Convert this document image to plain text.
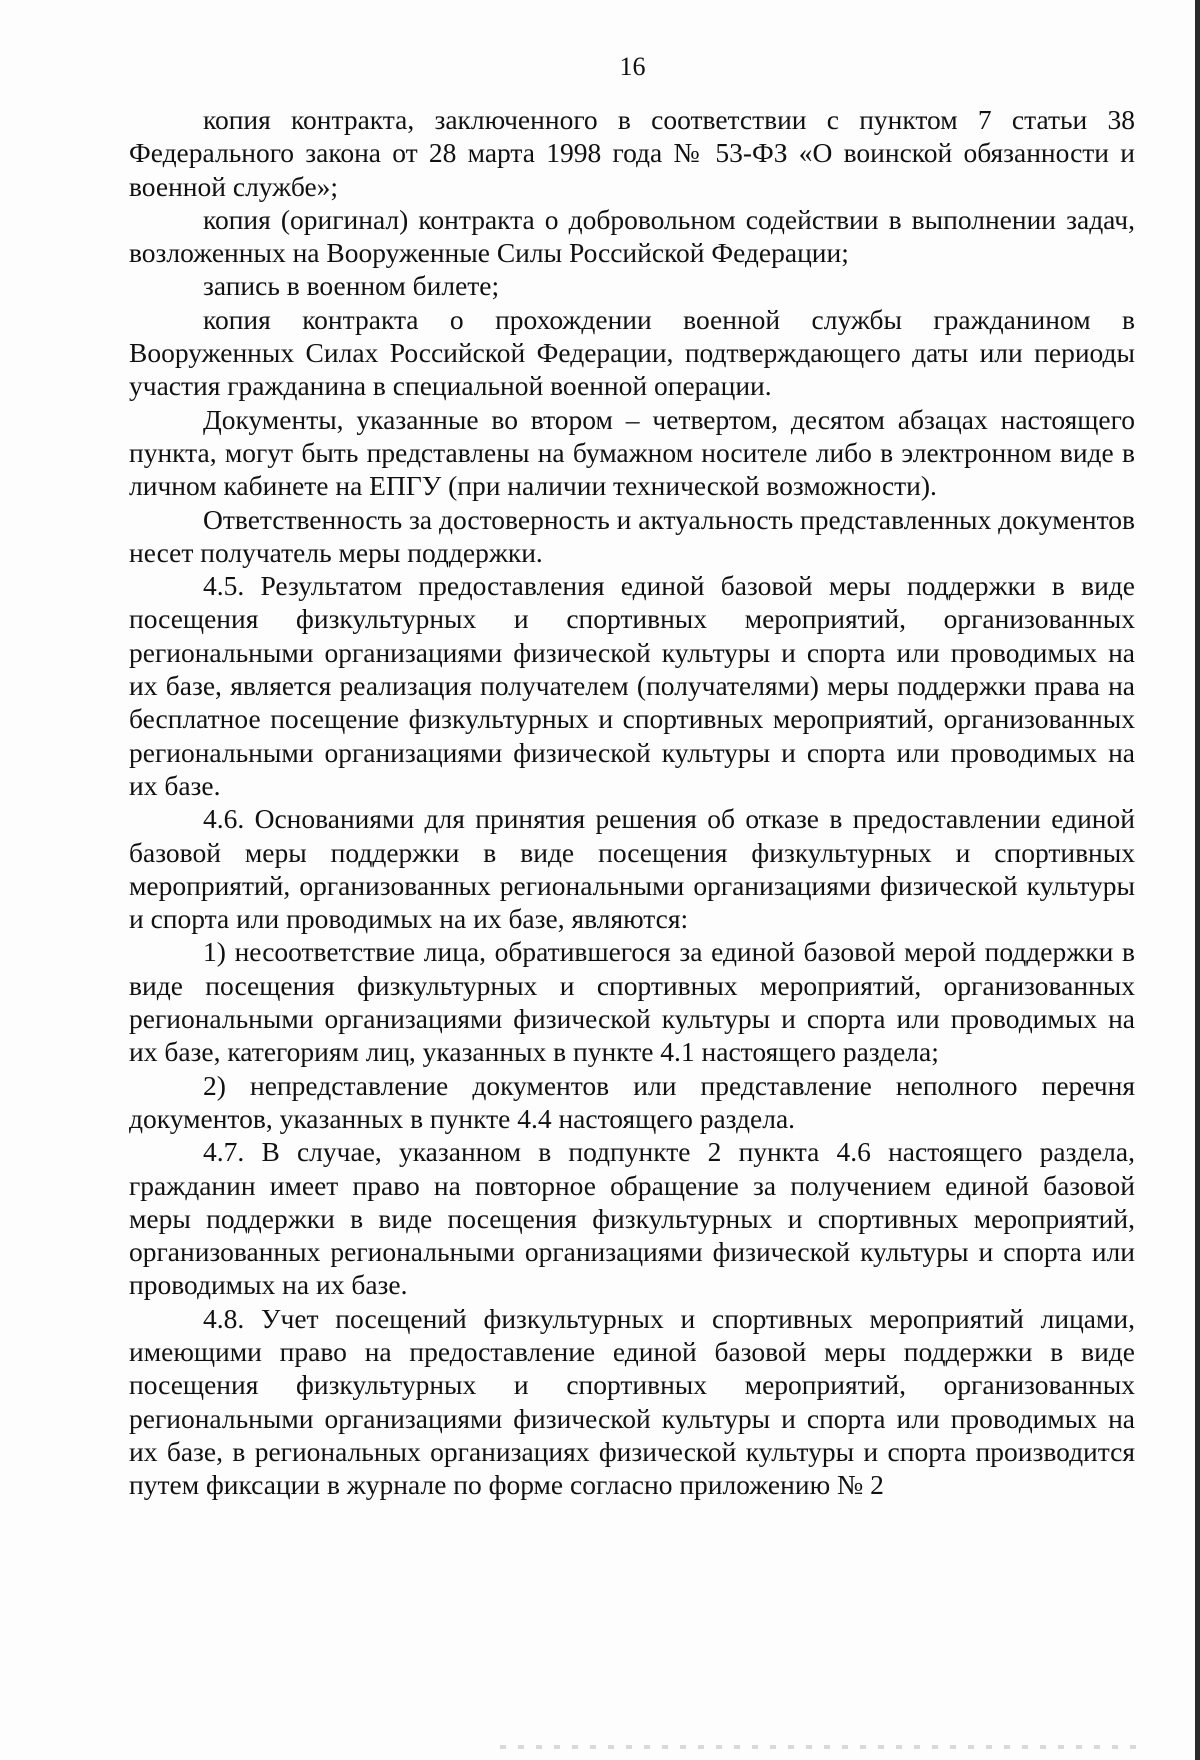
16

копия контракта, заключенного в соответствии с пунктом 7 статьи 38 Федерального закона от 28 марта 1998 года № 53-ФЗ «О воинской обязанности и военной службе»;

копия (оригинал) контракта о добровольном содействии в выполнении задач, возложенных на Вооруженные Силы Российской Федерации;

запись в военном билете;

копия контракта о прохождении военной службы гражданином в Вооруженных Силах Российской Федерации, подтверждающего даты или периоды участия гражданина в специальной военной операции.

Документы, указанные во втором – четвертом, десятом абзацах настоящего пункта, могут быть представлены на бумажном носителе либо в электронном виде в личном кабинете на ЕПГУ (при наличии технической возможности).

Ответственность за достоверность и актуальность представленных документов несет получатель меры поддержки.

4.5. Результатом предоставления единой базовой меры поддержки в виде посещения физкультурных и спортивных мероприятий, организованных региональными организациями физической культуры и спорта или проводимых на их базе, является реализация получателем (получателями) меры поддержки права на бесплатное посещение физкультурных и спортивных мероприятий, организованных региональными организациями физической культуры и спорта или проводимых на их базе.

4.6. Основаниями для принятия решения об отказе в предоставлении единой базовой меры поддержки в виде посещения физкультурных и спортивных мероприятий, организованных региональными организациями физической культуры и спорта или проводимых на их базе, являются:

1) несоответствие лица, обратившегося за единой базовой мерой поддержки в виде посещения физкультурных и спортивных мероприятий, организованных региональными организациями физической культуры и спорта или проводимых на их базе, категориям лиц, указанных в пункте 4.1 настоящего раздела;

2) непредставление документов или представление неполного перечня документов, указанных в пункте 4.4 настоящего раздела.

4.7. В случае, указанном в подпункте 2 пункта 4.6 настоящего раздела, гражданин имеет право на повторное обращение за получением единой базовой меры поддержки в виде посещения физкультурных и спортивных мероприятий, организованных региональными организациями физической культуры и спорта или проводимых на их базе.

4.8. Учет посещений физкультурных и спортивных мероприятий лицами, имеющими право на предоставление единой базовой меры поддержки в виде посещения физкультурных и спортивных мероприятий, организованных региональными организациями физической культуры и спорта или проводимых на их базе, в региональных организациях физической культуры и спорта производится путем фиксации в журнале по форме согласно приложению № 2
